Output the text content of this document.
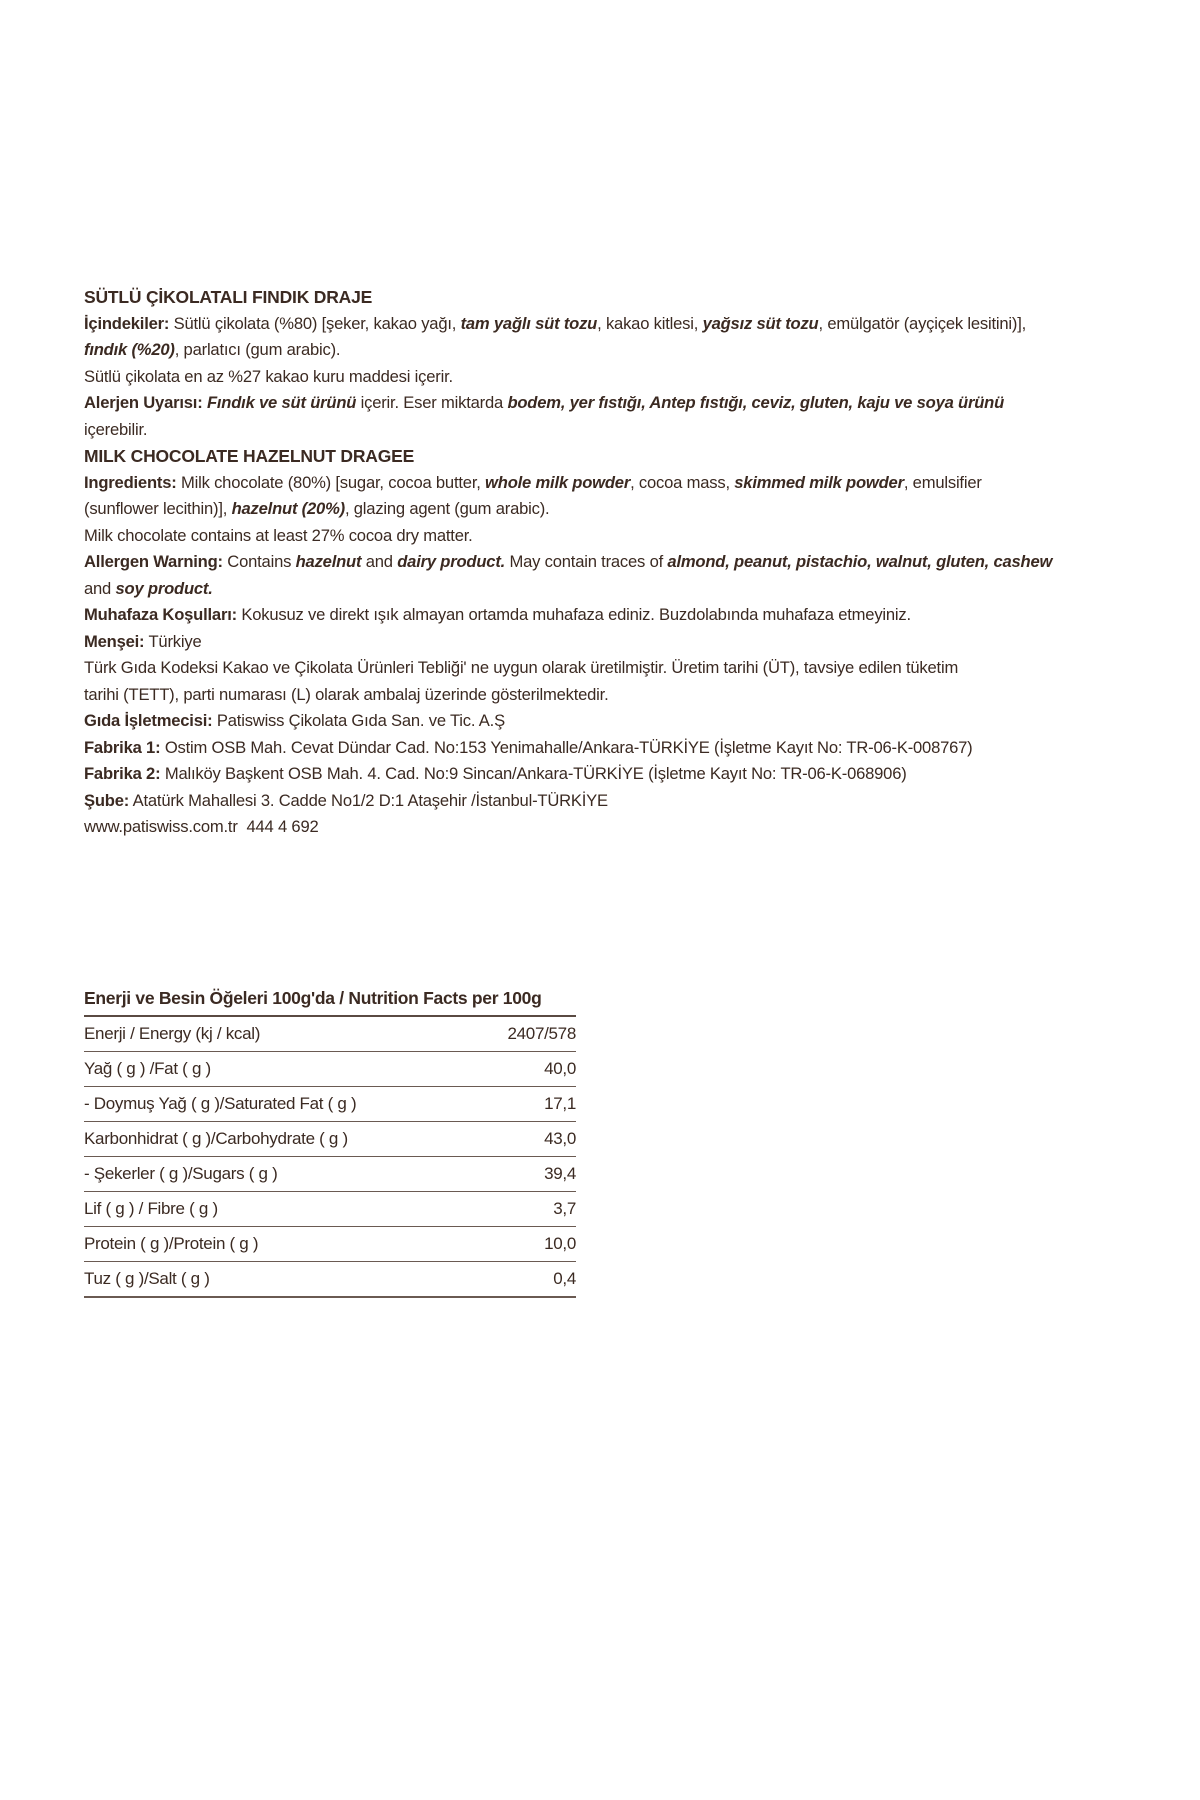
SÜTLÜ ÇİKOLATALI FINDIK DRAJE
İçindekiler: Sütlü çikolata (%80) [şeker, kakao yağı, tam yağlı süt tozu, kakao kitlesi, yağsız süt tozu, emülgatör (ayçiçek lesitini)],
fındık (%20), parlatıcı (gum arabic).
Sütlü çikolata en az %27 kakao kuru maddesi içerir.
Alerjen Uyarısı: Fındık ve süt ürünü içerir. Eser miktarda bodem, yer fıstığı, Antep fıstığı, ceviz, gluten, kaju ve soya ürünü
içerebilir.
MILK CHOCOLATE HAZELNUT DRAGEE
Ingredients: Milk chocolate (80%) [sugar, cocoa butter, whole milk powder, cocoa mass, skimmed milk powder, emulsifier
(sunflower lecithin)], hazelnut (20%), glazing agent (gum arabic).
Milk chocolate contains at least 27% cocoa dry matter.
Allergen Warning: Contains hazelnut and dairy product. May contain traces of almond, peanut, pistachio, walnut, gluten, cashew
and soy product.
Muhafaza Koşulları: Kokusuz ve direkt ışık almayan ortamda muhafaza ediniz. Buzdolabında muhafaza etmeyiniz.
Menşei: Türkiye
Türk Gıda Kodeksi Kakao ve Çikolata Ürünleri Tebliği' ne uygun olarak üretilmiştir. Üretim tarihi (ÜT), tavsiye edilen tüketim
tarihi (TETT), parti numarası (L) olarak ambalaj üzerinde gösterilmektedir.
Gıda İşletmecisi: Patiswiss Çikolata Gıda San. ve Tic. A.Ş
Fabrika 1: Ostim OSB Mah. Cevat Dündar Cad. No:153 Yenimahalle/Ankara-TÜRKİYE (İşletme Kayıt No: TR-06-K-008767)
Fabrika 2: Malıköy Başkent OSB Mah. 4. Cad. No:9 Sincan/Ankara-TÜRKİYE (İşletme Kayıt No: TR-06-K-068906)
Şube: Atatürk Mahallesi 3. Cadde No1/2 D:1 Ataşehir /İstanbul-TÜRKİYE
www.patiswiss.com.tr 444 4 692
Enerji ve Besin Öğeleri 100g'da / Nutrition Facts per 100g
Enerji / Energy (kj / kcal)	2407/578
Yağ ( g ) /Fat ( g )	40,0
- Doymuş Yağ ( g )/Saturated Fat ( g )	17,1
Karbonhidrat ( g )/Carbohydrate ( g )	43,0
- Şekerler ( g )/Sugars ( g )	39,4
Lif ( g ) / Fibre ( g )	3,7
Protein ( g )/Protein ( g )	10,0
Tuz ( g )/Salt ( g )	0,4
